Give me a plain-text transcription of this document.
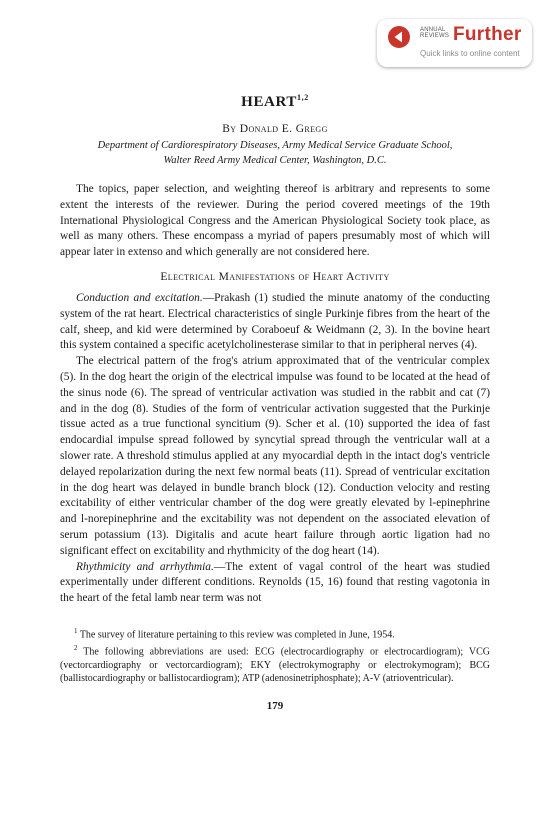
ANNUAL
REVIEWS Further
Quick links to online content
HEART$^{1,2}$
By Donald E. Gregg
Department of Cardiorespiratory Diseases, Army Medical Service Graduate School,
Walter Reed Army Medical Center, Washington, D.C.

The topics, paper selection, and weighting thereof is arbitrary and represents to some extent the interests of the reviewer. During the period covered meetings of the 19th International Physiological Congress and the American Physiological Society took place, as well as many others. These encompass a myriad of papers presumably most of which will appear later in extenso and which generally are not considered here.

Electrical Manifestations of Heart Activity

Conduction and excitation.—Prakash (1) studied the minute anatomy of the conducting system of the rat heart. Electrical characteristics of single Purkinje fibres from the heart of the calf, sheep, and kid were determined by Coraboeuf & Weidmann (2, 3). In the bovine heart this system contained a specific acetylcholinesterase similar to that in peripheral nerves (4).

The electrical pattern of the frog's atrium approximated that of the ventricular complex (5). In the dog heart the origin of the electrical impulse was found to be located at the head of the sinus node (6). The spread of ventricular activation was studied in the rabbit and cat (7) and in the dog (8). Studies of the form of ventricular activation suggested that the Purkinje tissue acted as a true functional syncitium (9). Scher et al. (10) supported the idea of fast endocardial impulse spread followed by syncytial spread through the ventricular wall at a slower rate. A threshold stimulus applied at any myocardial depth in the intact dog's ventricle delayed repolarization during the next few normal beats (11). Spread of ventricular excitation in the dog heart was delayed in bundle branch block (12). Conduction velocity and resting excitability of either ventricular chamber of the dog were greatly elevated by l-epinephrine and l-norepinephrine and the excitability was not dependent on the associated elevation of serum potassium (13). Digitalis and acute heart failure through aortic ligation had no significant effect on excitability and rhythmicity of the dog heart (14).

Rhythmicity and arrhythmia.—The extent of vagal control of the heart was studied experimentally under different conditions. Reynolds (15, 16) found that resting vagotonia in the heart of the fetal lamb near term was not

$^1$ The survey of literature pertaining to this review was completed in June, 1954.
$^2$ The following abbreviations are used: ECG (electrocardiography or electrocardiogram); VCG (vectorcardiography or vectorcardiogram); EKY (electrokymography or electrokymogram); BCG (ballistocardiography or ballistocardiogram); ATP (adenosinetriphosphate); A-V (atrioventricular).
179
